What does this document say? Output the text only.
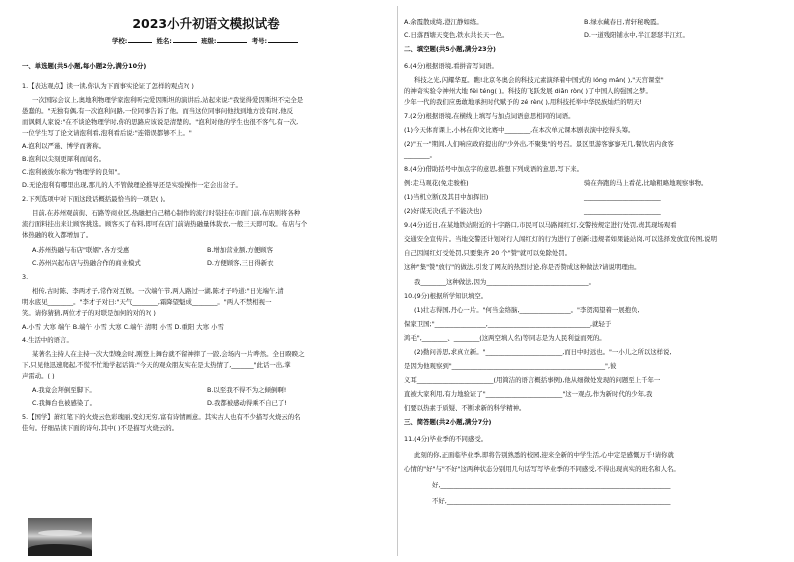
2023小升初语文模拟试卷
学校:	姓名:	班级:	考号:
一、单选题(共5小题,每小题2分,满分10分)
1.【表达观点】读一读,你认为下面事实论证了怎样的观点?( )
一次国际会议上,奥地利物理学家泡利听完爱因斯坦的演讲后,站起来说:"我觉得爱因斯坦不完全是
愚蠢的。"无独有偶,有一次泡利问路,一位同事告诉了他。而当这位同事问他找到地方没有时,他反
而讽刺人家说:"在不谈论物理学时,你的思路应该说是清楚的。"泡利对他的学生也很不客气,有一次,
一位学生写了论文请泡利看,泡利看后说:"连错误都够不上。"
A.泡利以严谨、博学而著称。
B.泡利以尖刻更犀利而闻名。
C.泡利被彼尔称为"物理学的良知"。
D.无论泡利有哪里出现,那儿的人不管做理论推导还是实验操作一定会出岔子。
2.下列选项中对下面这段话概括最恰当的一项是( )。
目前,在苏州观前街、石路等商业区,热融把自己精心制作的流行时装挂在市面门前,布店则将各种
流行面料挂出来让顾客挑选。顾客买了布料,即可在店门前请热融量体裁衣,一般三天即可取。布店与个
体热融的收入都增加了。
A.苏州热融与布店"联姻",各方受惠	B.增加营业额,方便顾客
C.苏州兴起布店与热融合作的商业模式	D.方便顾客,三日得新衣
3.
相传,古时陈、李两才子,常作对互娱。一次端午节,两人路过一湖,陈才子吟道:"日光端午,清
明水底见________。"李才子对曰:"天气________,霜降望魁成________。"两人不禁相视一
笑。请你猜猜,两位才子的对联是加何的对的?( )
A.小雪 大寒 端午 B.端午 小雪 大寒 C.端午 清明 小雪 D.重阳 大寒 小雪
4.生活中的语言。
某著名主持人在主持一次大型晚会时,刚登上舞台就不留神摔了一跤,会场内一片哗然。全日睽睽之
下,只见他迅速爬起,不慌不忙地学起话筒:"今天的观众朋友实在是太热情了,_______"此话一出,掌
声雷动。( )
A.我竟会拜倒至脚下。	B.以至我不得不为之倾倒啊!
C.我舞台也被感染了。	D.我都被感动得乘不自已了!
5.【国学】萧红笔下的火烧云色彩瑰丽,变幻无穷,富有诗情画意。其实古人也有不少描写火烧云的名
佳句。仔细品读下面的诗句,其中( )不是描写火烧云的。
A.余霞散成绮,澄江静如练。	B.绿水藏春日,青轩秘晚霞。
C.日落西塘天变色,铁水共长天一色。	D.一道残阳铺水中,半江瑟瑟半江红。
二、填空题(共5小题,满分23分)
6.(4分)根据语境,看拼音写词语。
科技之光,闪耀华夏。瞧!北京冬奥会的科技元素演绎着中国式的 lóng mán( ),"天宫课堂"
的神奇实验令神州大地 fèi téng( )。科技的飞跃发展 diǎn ròn( )了中国人的强国之梦。
少年一代的我们应勇敢地承担时代赋予的 zé rèn( ),用科技托举中华民族灿烂的明天!
7.(2分)根据语境,在横线上填写与加点词语意思相同的词语。
(1)今天体育课上,小林在仰文比赛中________,在本次单元课本剧表演中挖得头筹。
(2)"五一"期间,人们响应政府提出的"少外出,不聚集"的号召。景区里游客寥寥无几,餐饮店内食客
________。
8.(4分)借助括号中加点字的意思,推想下列成语的意思,写下来。
例:走马观花(免走骏椎)	骑在奔跑的马上看花,比喻粗略地观察事物。
(1)当机立断(及其目中加挥旧)	________________________
(2)好谋无决(孔子不能决也)	________________________
9.(4分)近日,在某地铁站附近的十字路口,市民可以马路闯红灯,交警按规定进行处罚,责其现场观看
交通安全宣传片。当地交警还计划对行人闯红灯的行为进行了创新:违规者如果能站岗,可以选择发放宣传图,说明
自己因闯红灯受处罚,只要集齐 20 个"赞"就可以免除处罚。
这种"集"赞"放行"的做法,引发了网友的热烈讨论,你是否赞成这种做法?请说明理由。
我________这种做法,因为________________________________。
10.(9分)根据所学知识填空。
(1)壮志得国,丹心一片。"何当金络脑,________________。"李贺渴望着一展抱负,
保家卫国;"________________,________________________________,就轻于
鸿毛",________、________(这两空填人名)等同志是为人民利益而死的。
(2)勤问善思,求真立新。"________________________,而日中时远也。"一小儿之所以这样说,
是因为他观察到"________________________________________________",彼
义耳________________________(用简洁的语言概括事例),他从细微处发现的问题至上千年一
直被大家利用,有力地验证了"________________________"这一观点,作为新时代的少年,我
们要以热素于质疑、不断求新的科学精神。
三、简答题(共2小题,满分7分)
11.(4分)毕业季的不同感受。
此刻的你,正面临毕业季,即将告别熟悉的校园,迎来全新的中学生活,心中定是感慨万千!请你就
心情的"好"与"不好"这两种状态分别用几句话写写毕业季的不同感受,不得出现真实的班名和人名。
好,________________________________________________________________________
不好,______________________________________________________________________
